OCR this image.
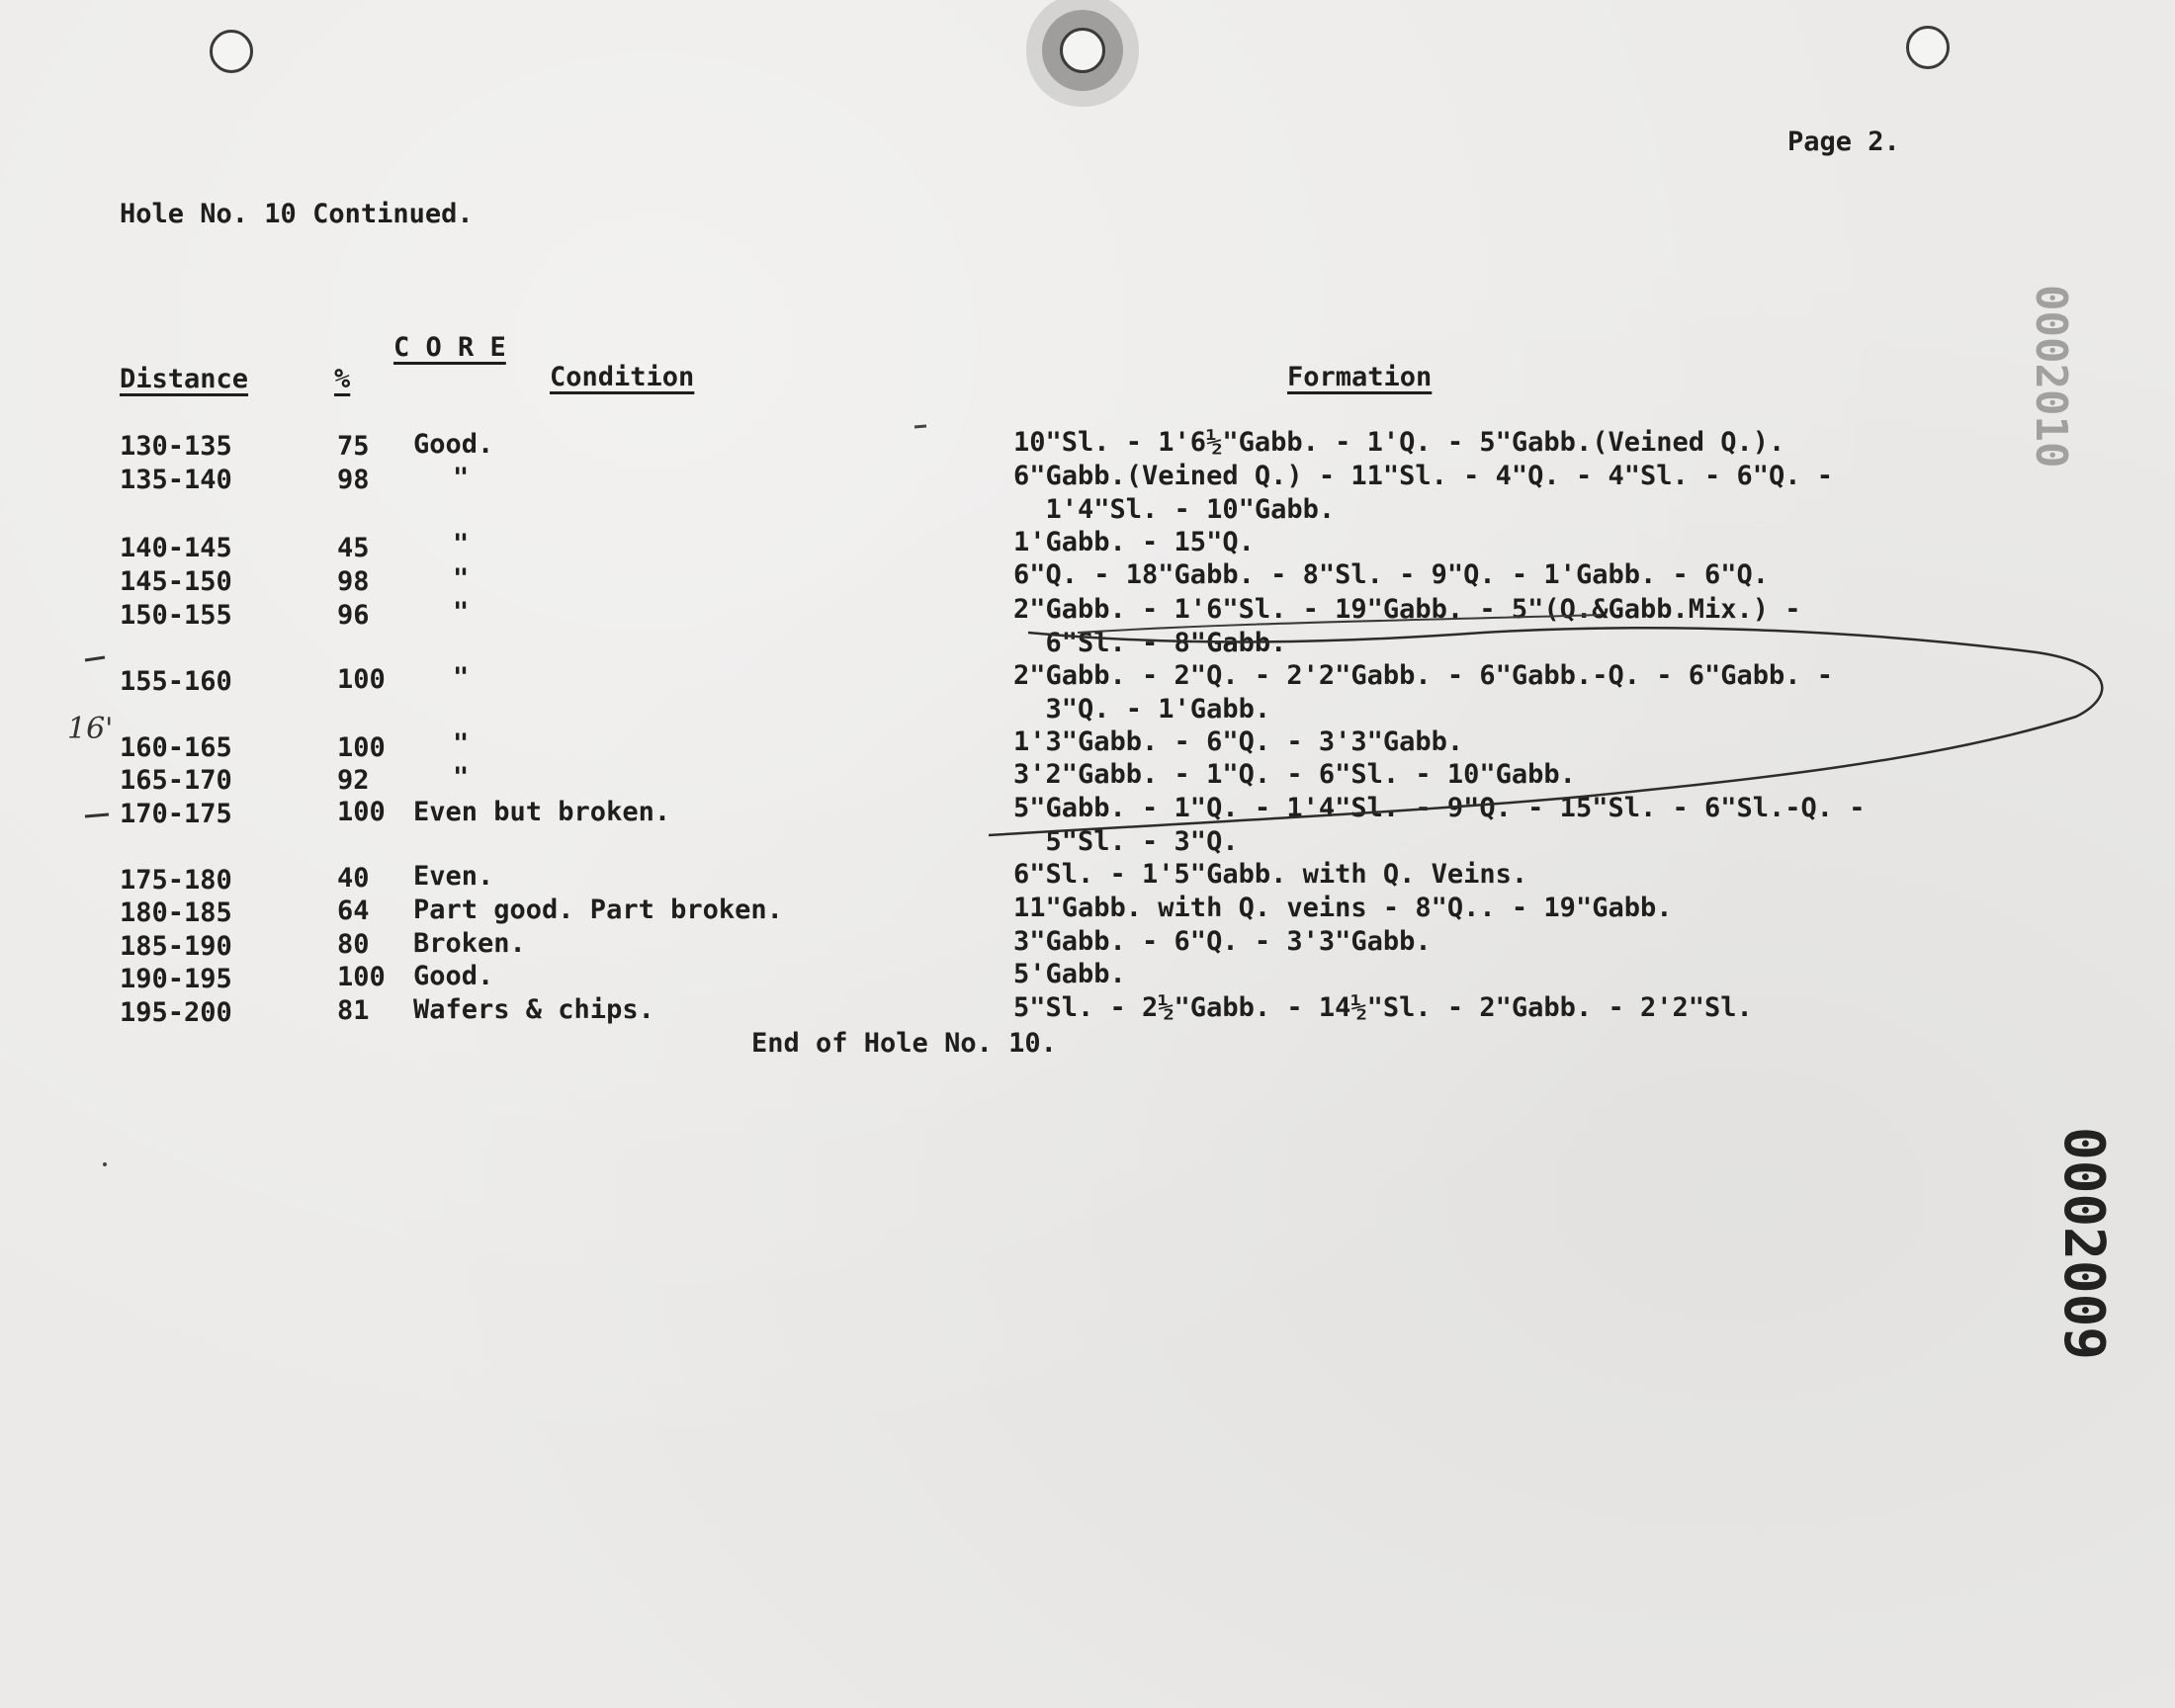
Page 2.
Hole No. 10 Continued.
C O R E
Distance	%	Condition	Formation
130-135	75 Good.	10"Sl. - 1'6½"Gabb. - 1'Q. - 5"Gabb.(Veined Q.).
135-140	98	"	6"Gabb.(Veined Q.) - 11"Sl. - 4"Q. - 4"Sl. - 6"Q. -
1'4"Sl. - 10"Gabb.
140-145	45	"	1'Gabb. - 15"Q.
145-150	98	"	6"Q. - 18"Gabb. - 8"Sl. - 9"Q. - 1'Gabb. - 6"Q.
150-155	96	"	2"Gabb. - 1'6"Sl. - 19"Gabb. - 5"(Q.&Gabb.Mix.) -
6"Sl. - 8"Gabb.
155-160	100	"	2"Gabb. - 2"Q. - 2'2"Gabb. - 6"Gabb.-Q. - 6"Gabb. -
3"Q. - 1'Gabb.
160-165	100	"	1'3"Gabb. - 6"Q. - 3'3"Gabb.
165-170	92	"	3'2"Gabb. - 1"Q. - 6"Sl. - 10"Gabb.
170-175	100 Even but broken.	5"Gabb. - 1"Q. - 1'4"Sl. - 9"Q. - 15"Sl. - 6"Sl.-Q. -
5"Sl. - 3"Q.
175-180	40 Even.	6"Sl. - 1'5"Gabb. with Q. Veins.
180-185	64 Part good. Part broken.	11"Gabb. with Q. veins - 8"Q.. - 19"Gabb.
185-190	80 Broken.	3"Gabb. - 6"Q. - 3'3"Gabb.
190-195	100 Good.	5'Gabb.
195-200	81 Wafers & chips.	5"Sl. - 2½"Gabb. - 14½"Sl. - 2"Gabb. - 2'2"Sl.
End of Hole No. 10.
16'
0002010
0002009
